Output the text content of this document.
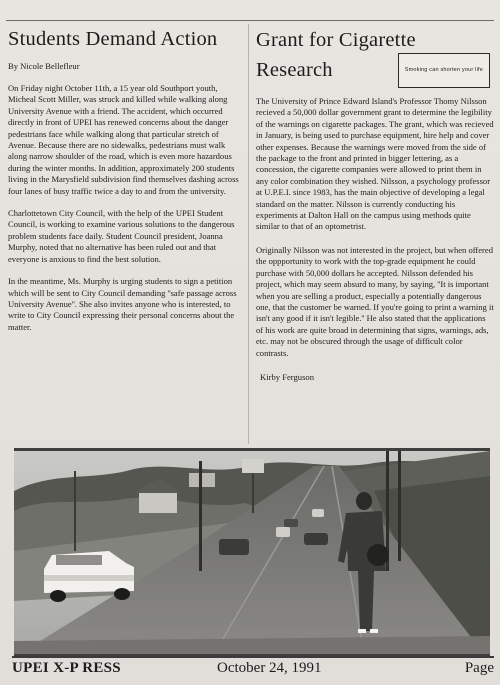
Students Demand Action
By Nicole Bellefleur

On Friday night October 11th, a 15 year old Southport youth, Micheal Scott Miller, was struck and killed while walking along University Avenue with a friend. The accident, which occurred directly in front of UPEI has renewed concerns about the danger pedestrians face while walking along that particular stretch of Avenue. Because there are no sidewalks, pedestrians must walk along narrow shoulder of the road, which is even more hazardous during the winter months. In addition, approximately 200 students living in the Marysfield subdivision find themselves dashing across four lanes of busy traffic twice a day to and from the university.

Charlottetown City Council, with the help of the UPEI Student Council, is working to examine various solutions to the dangerous problem students face daily. Student Council president, Joanna Murphy, noted that no alternative has been ruled out and that everyone is anxious to find the best solution.

In the meantime, Ms. Murphy is urging students to sign a petition which will be sent to City Council demanding ''safe passage across University Avenue''. She also invites anyone who is interested, to write to City Council expressing their personal concerns about the matter.

Grant for Cigarette
Research	Smoking can shorten your life

The University of Prince Edward Island's Professor Thomy Nilsson recieved a 50,000 dollar government grant to determine the legibility of the warnings on cigarette packages. The grant, which was recieved in January, is being used to purchase equipment, hire help and cover other expenses. Because the warnings were moved from the side of the package to the front and printed in bigger lettering, as a concession, the cigarette companies were allowed to print them in any color combination they wished. Nilsson, a psychology professor at U.P.E.I. since 1983, has the main objective of developing a legal standard on the matter. Nilsson is currently conducting his experiments at Dalton Hall on the campus using methods quite similar to that of an optometrist.

Originally Nilsson was not interested in the project, but when offered the oppportunity to work with the top-grade equipment he could purchase with 50,000 dollars he accepted. Nilsson defended his project, which may seem absurd to many, by saying, ''It is important when you are selling a product, especially a potentially dangerous one, that the customer be warned. If you're going to print a warning it isn't any good if it isn't legible.'' He also stated that the applications of his work are quite broad in determining that signs, warnings, ads, etc. may not be obscured through the usage of difficult color contrasts.

Kirby Ferguson
UPEI X-P RESS	October 24, 1991	Page
